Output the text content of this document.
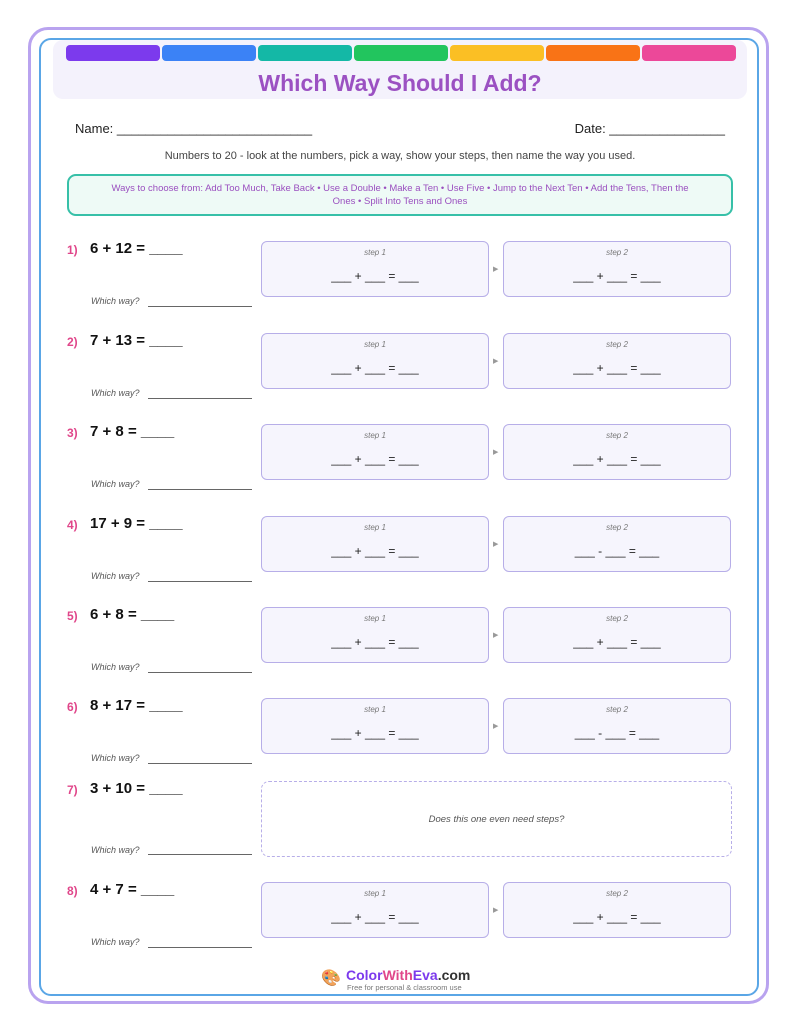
Which Way Should I Add?
Name: ___________________________	Date: ________________
Numbers to 20 - look at the numbers, pick a way, show your steps, then name the way you used.
Ways to choose from: Add Too Much, Take Back • Use a Double • Make a Ten • Use Five • Jump to the Next Ten • Add the Tens, Then the Ones • Split Into Tens and Ones
1) 6 + 12 = ____	step 1
___ + ___ = ___	▶
step 2
___ + ___ = ___
Which way?
2) 7 + 13 = ____	step 1
___ + ___ = ___	▶
step 2
___ + ___ = ___
Which way?
3) 7 + 8 = ____	step 1
___ + ___ = ___	▶
step 2
___ + ___ = ___
Which way?
4) 17 + 9 = ____	step 1
___ + ___ = ___	▶
step 2
___ - ___ = ___
Which way?
5) 6 + 8 = ____	step 1
___ + ___ = ___	▶
step 2
___ + ___ = ___
Which way?
6) 8 + 17 = ____	step 1
___ + ___ = ___	▶
step 2
___ - ___ = ___
Which way?
7) 3 + 10 = ____
Does this one even need steps?
Which way?
8) 4 + 7 = ____	step 1
___ + ___ = ___	▶
step 2
___ + ___ = ___
Which way?
🎨 ColorWithEva.com
Free for personal & classroom use
